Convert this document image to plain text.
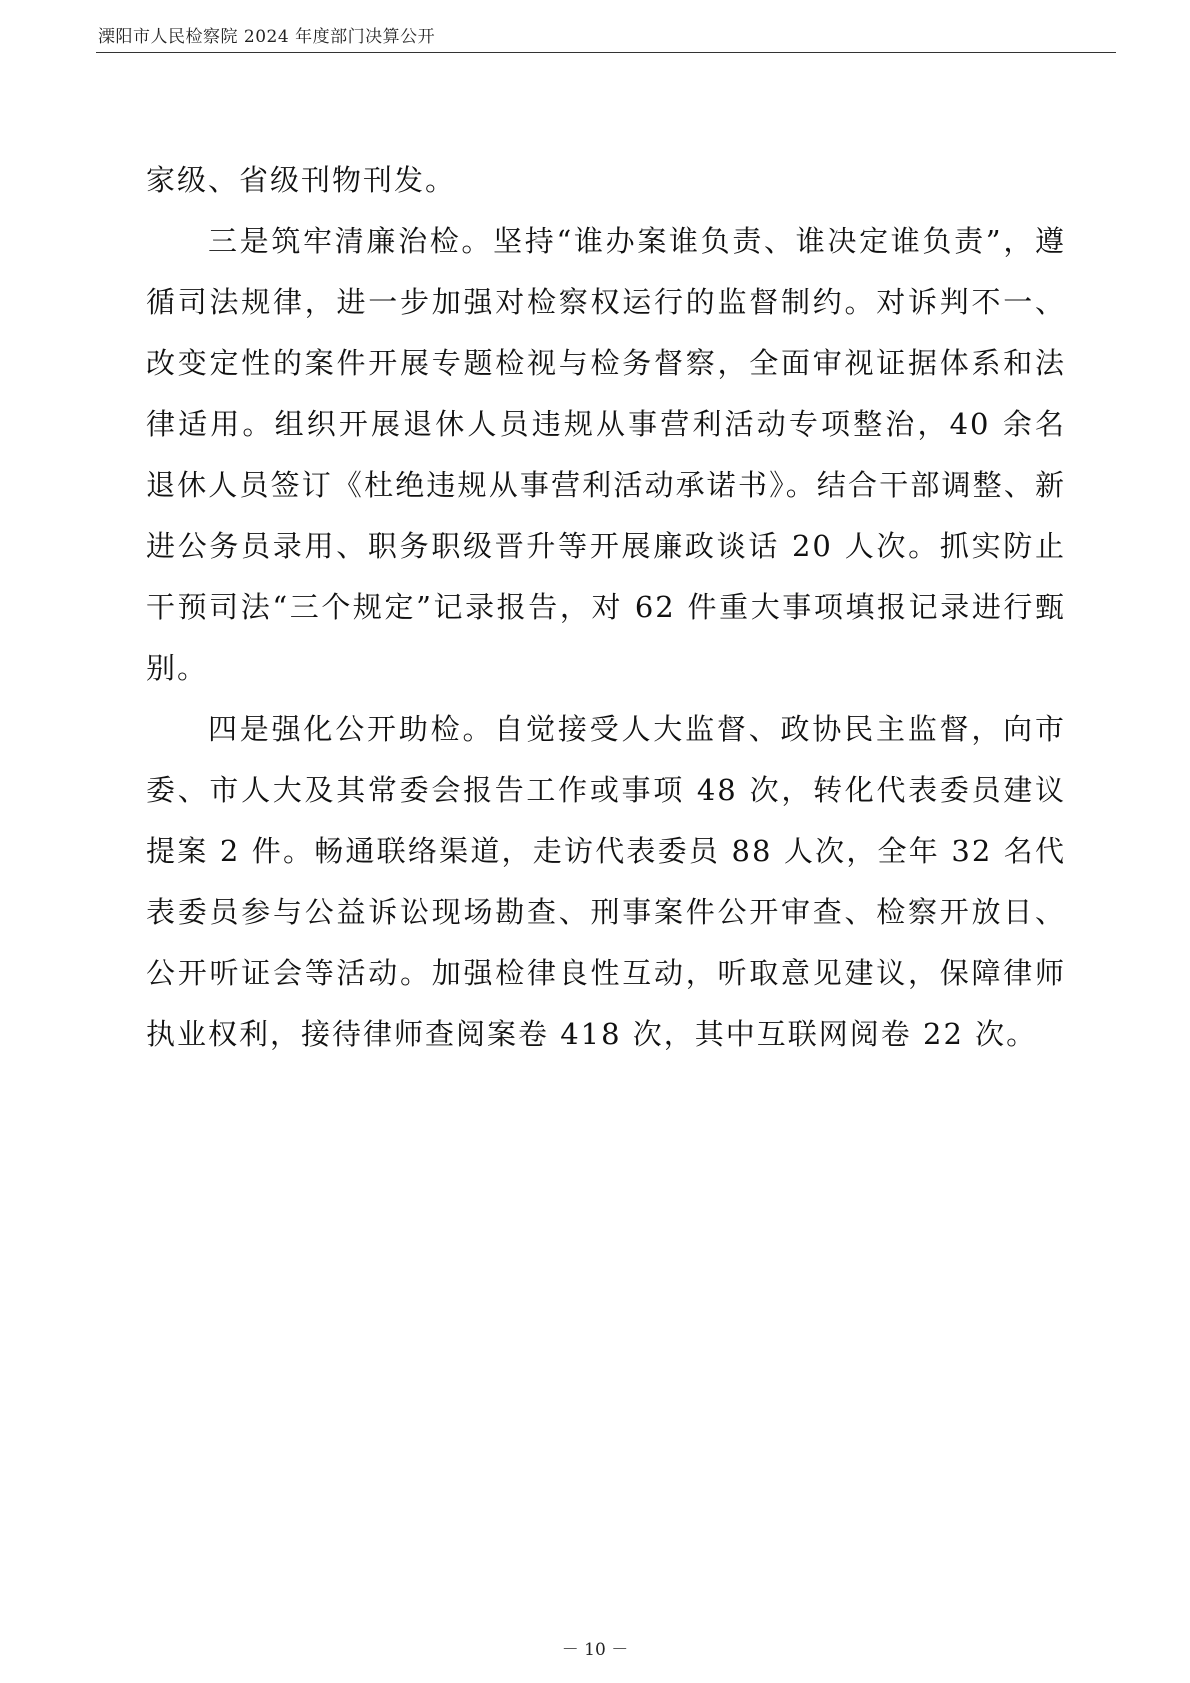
溧阳市人民检察院 2024 年度部门决算公开

家级、省级刊物刊发。

三是筑牢清廉治检。坚持“谁办案谁负责、谁决定谁负责”，遵循司法规律，进一步加强对检察权运行的监督制约。对诉判不一、改变定性的案件开展专题检视与检务督察，全面审视证据体系和法律适用。组织开展退休人员违规从事营利活动专项整治，40 余名退休人员签订《杜绝违规从事营利活动承诺书》。结合干部调整、新进公务员录用、职务职级晋升等开展廉政谈话 20 人次。抓实防止干预司法“三个规定”记录报告，对 62 件重大事项填报记录进行甄别。

四是强化公开助检。自觉接受人大监督、政协民主监督，向市委、市人大及其常委会报告工作或事项 48 次，转化代表委员建议提案 2 件。畅通联络渠道，走访代表委员 88 人次，全年 32 名代表委员参与公益诉讼现场勘查、刑事案件公开审查、检察开放日、公开听证会等活动。加强检律良性互动，听取意见建议，保障律师执业权利，接待律师查阅案卷 418 次，其中互联网阅卷 22 次。

－ 10 －
